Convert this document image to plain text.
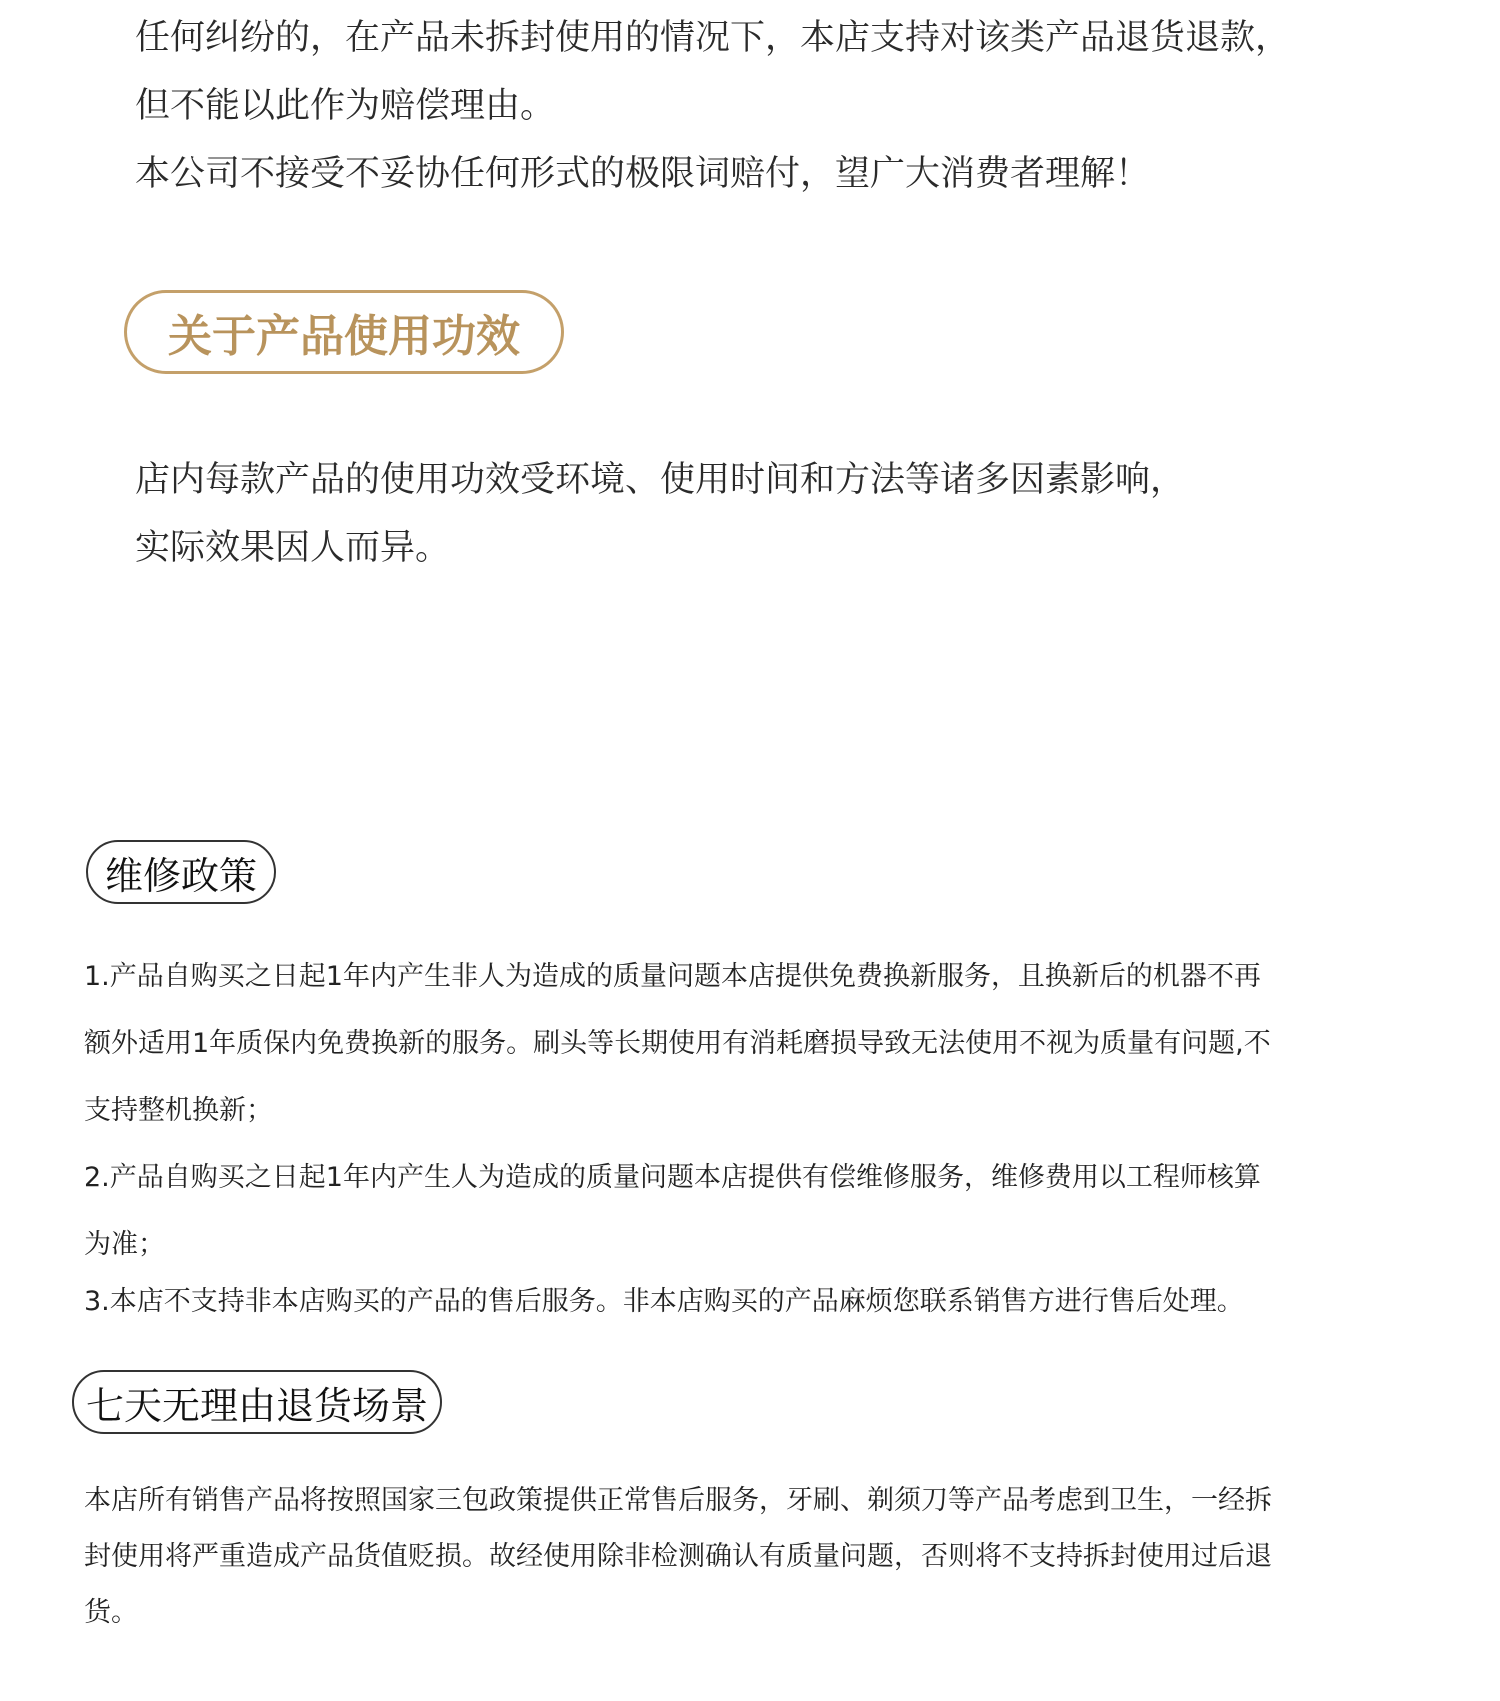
任何纠纷的，在产品未拆封使用的情况下，本店支持对该类产品退货退款，

但不能以此作为赔偿理由。

本公司不接受不妥协任何形式的极限词赔付，望广大消费者理解！

关于产品使用功效

店内每款产品的使用功效受环境、使用时间和方法等诸多因素影响，

实际效果因人而异。

维修政策

1.产品自购买之日起1年内产生非人为造成的质量问题本店提供免费换新服务，且换新后的机器不再

额外适用1年质保内免费换新的服务。刷头等长期使用有消耗磨损导致无法使用不视为质量有问题,不

支持整机换新；

2.产品自购买之日起1年内产生人为造成的质量问题本店提供有偿维修服务，维修费用以工程师核算

为准；

3.本店不支持非本店购买的产品的售后服务。非本店购买的产品麻烦您联系销售方进行售后处理。

七天无理由退货场景

本店所有销售产品将按照国家三包政策提供正常售后服务，牙刷、剃须刀等产品考虑到卫生，一经拆

封使用将严重造成产品货值贬损。故经使用除非检测确认有质量问题，否则将不支持拆封使用过后退

货。
